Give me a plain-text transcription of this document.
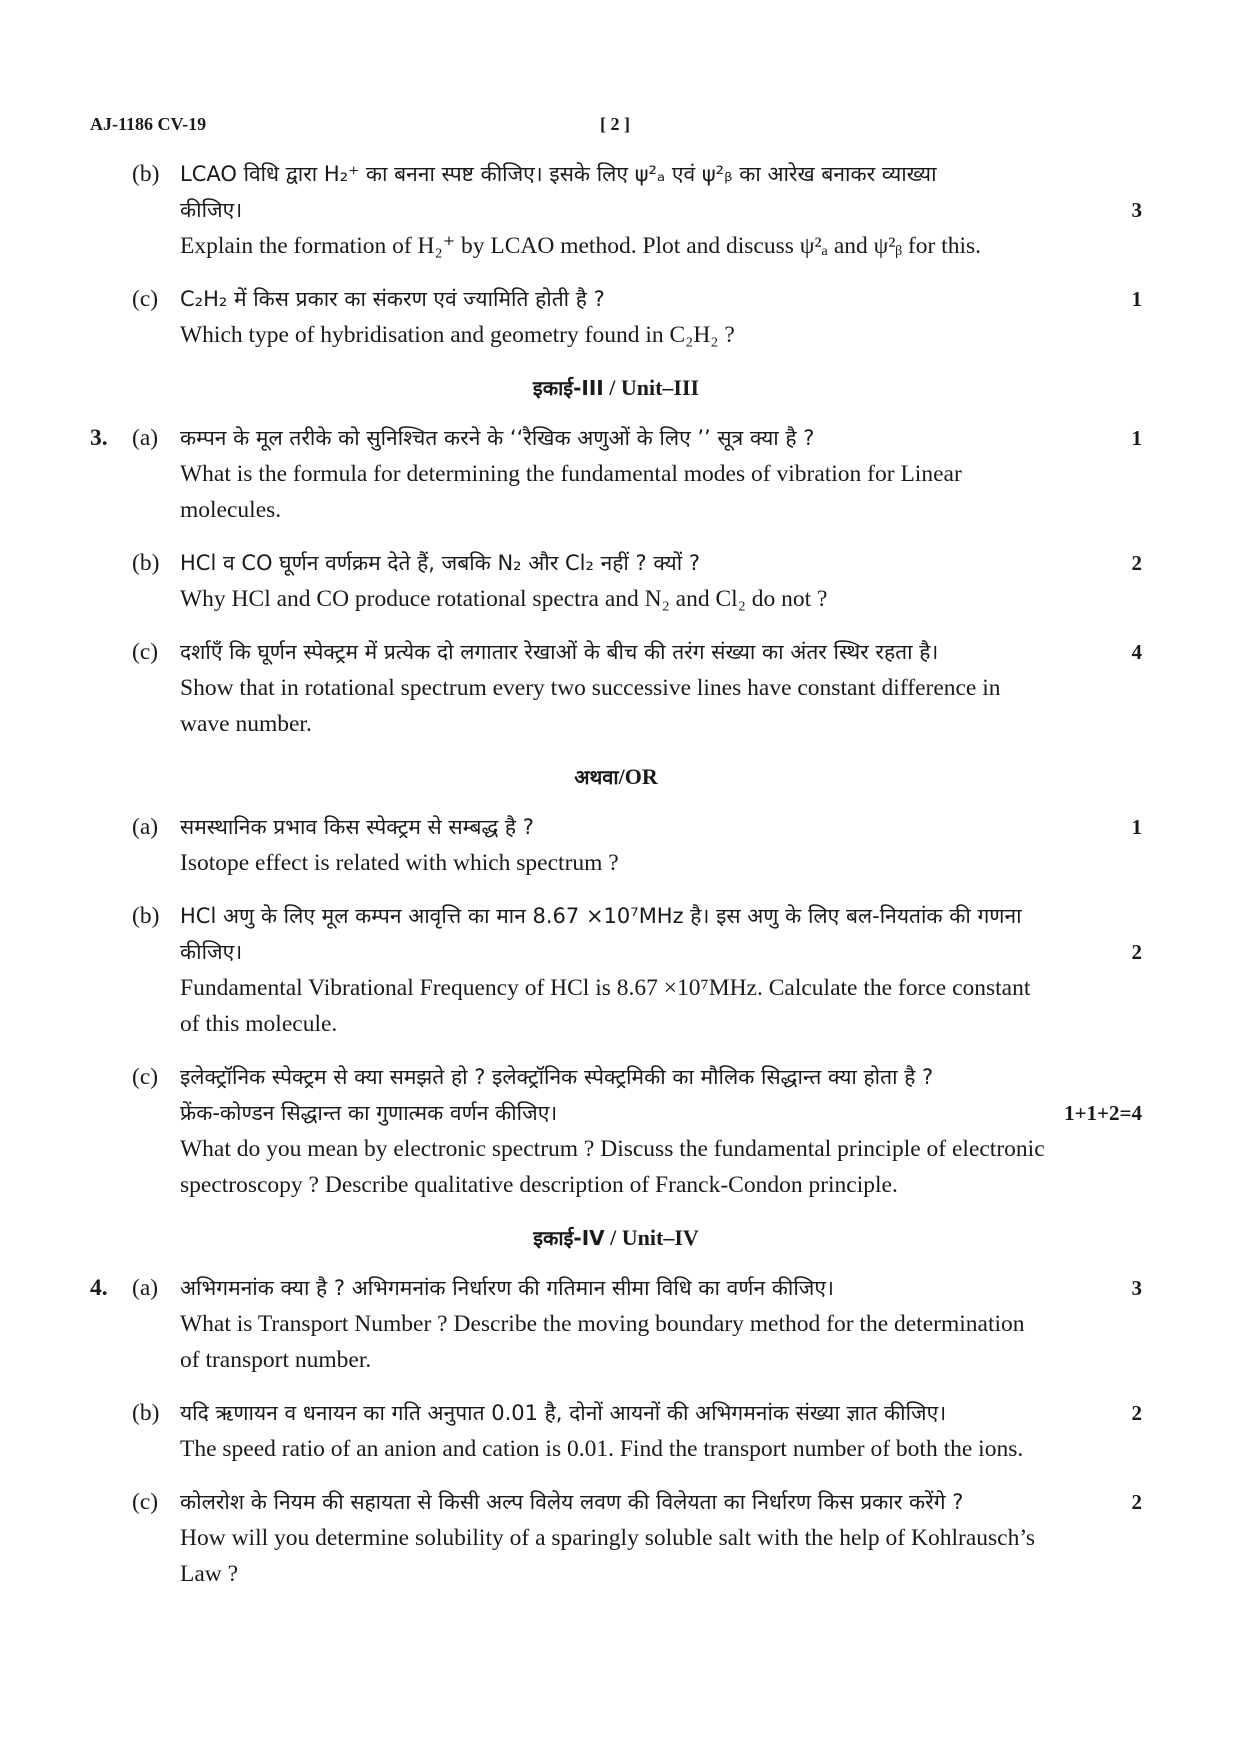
AJ-1186 CV-19	[ 2 ]
(b) LCAO विधि द्वारा H₂⁺ का बनना स्पष्ट कीजिए। इसके लिए ψ²ₐ एवं ψ²ᵦ का आरेख बनाकर व्याख्या
कीजिए।	3
Explain the formation of H₂⁺ by LCAO method. Plot and discuss ψ²ₐ and ψ²ᵦ for this.
(c) C₂H₂ में किस प्रकार का संकरण एवं ज्यामिति होती है ?	1
Which type of hybridisation and geometry found in C₂H₂ ?
इकाई-III / Unit–III
3. (a) कम्पन के मूल तरीके को सुनिश्चित करने के ‘‘रैखिक अणुओं के लिए ’’ सूत्र क्या है ?	1
What is the formula for determining the fundamental modes of vibration for Linear
molecules.
(b) HCl व CO घूर्णन वर्णक्रम देते हैं, जबकि N₂ और Cl₂ नहीं ? क्यों ?	2
Why HCl and CO produce rotational spectra and N₂ and Cl₂ do not ?
(c) दर्शाएँ कि घूर्णन स्पेक्ट्रम में प्रत्येक दो लगातार रेखाओं के बीच की तरंग संख्या का अंतर स्थिर रहता है।	4
Show that in rotational spectrum every two successive lines have constant difference in
wave number.
अथवा/OR
(a) समस्थानिक प्रभाव किस स्पेक्ट्रम से सम्बद्ध है ?	1
Isotope effect is related with which spectrum ?
(b) HCl अणु के लिए मूल कम्पन आवृत्ति का मान 8.67 ×10⁷MHz है। इस अणु के लिए बल-नियतांक की गणना
कीजिए।	2
Fundamental Vibrational Frequency of HCl is 8.67 ×10⁷MHz. Calculate the force constant
of this molecule.
(c) इलेक्ट्रॉनिक स्पेक्ट्रम से क्या समझते हो ? इलेक्ट्रॉनिक स्पेक्ट्रमिकी का मौलिक सिद्धान्त क्या होता है ?
फ्रेंक-कोण्डन सिद्धान्त का गुणात्मक वर्णन कीजिए।	1+1+2=4
What do you mean by electronic spectrum ? Discuss the fundamental principle of electronic
spectroscopy ? Describe qualitative description of Franck-Condon principle.
इकाई-IV / Unit–IV
4. (a) अभिगमनांक क्या है ? अभिगमनांक निर्धारण की गतिमान सीमा विधि का वर्णन कीजिए।	3
What is Transport Number ? Describe the moving boundary method for the determination
of transport number.
(b) यदि ऋणायन व धनायन का गति अनुपात 0.01 है, दोनों आयनों की अभिगमनांक संख्या ज्ञात कीजिए।	2
The speed ratio of an anion and cation is 0.01. Find the transport number of both the ions.
(c) कोलरोश के नियम की सहायता से किसी अल्प विलेय लवण की विलेयता का निर्धारण किस प्रकार करेंगे ?	2
How will you determine solubility of a sparingly soluble salt with the help of Kohlrausch’s
Law ?
